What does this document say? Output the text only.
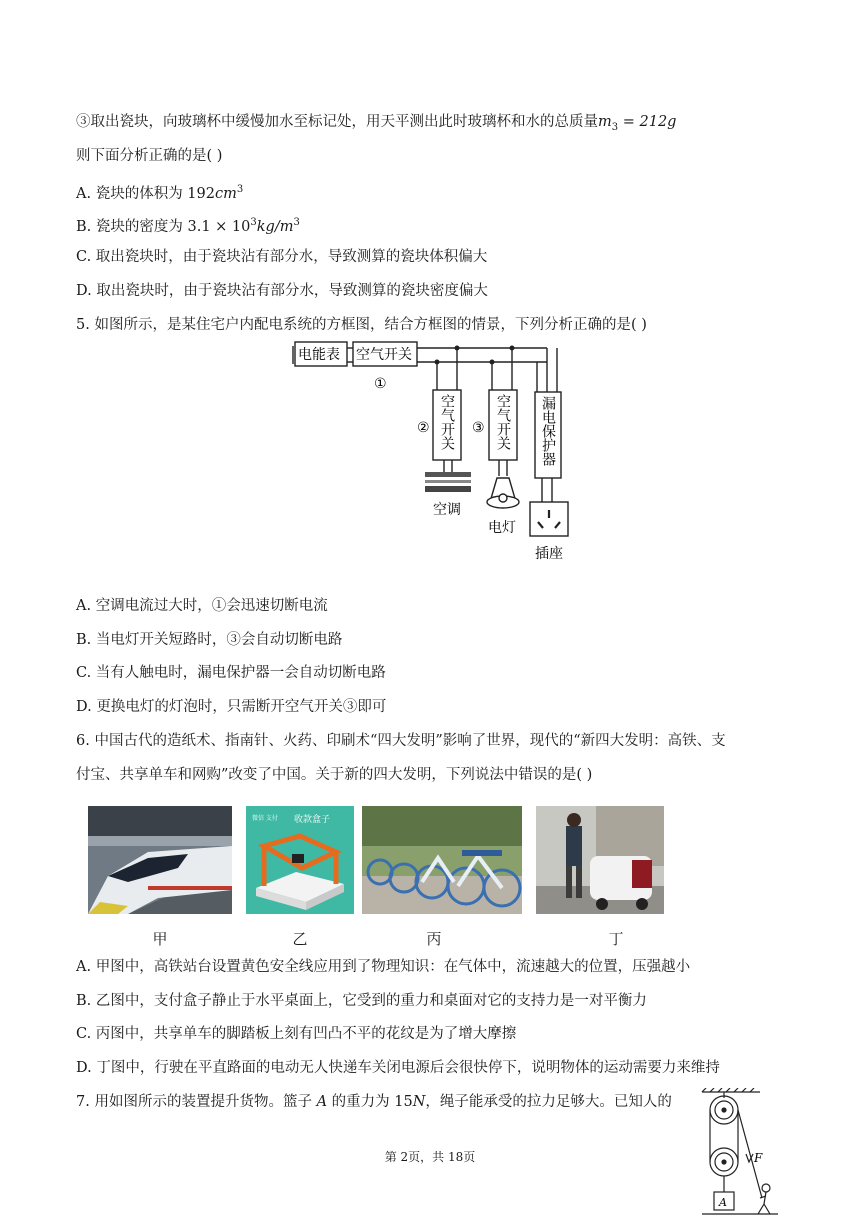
③取出瓷块，向玻璃杯中缓慢加水至标记处，用天平测出此时玻璃杯和水的总质量$m_3 = 212g$
则下面分析正确的是( )
A. 瓷块的体积为 $192cm^3$
B. 瓷块的密度为 $3.1 \times 10^3kg/m^3$
C. 取出瓷块时，由于瓷块沾有部分水，导致测算的瓷块体积偏大
D. 取出瓷块时，由于瓷块沾有部分水，导致测算的瓷块密度偏大
5. 如图所示，是某住宅户内配电系统的方框图，结合方框图的情景，下列分析正确的是( )
电能表 空气开关
①
空气开关
②	空气开关
③	漏电保护器
空调
电灯
插座
A. 空调电流过大时，①会迅速切断电流
B. 当电灯开关短路时，③会自动切断电路
C. 当有人触电时，漏电保护器一会自动切断电路
D. 更换电灯的灯泡时，只需断开空气开关③即可
6. 中国古代的造纸术、指南针、火药、印刷术“四大发明”影响了世界，现代的“新四大发明：高铁、支
付宝、共享单车和网购”改变了中国。关于新的四大发明，下列说法中错误的是( )
微信 支付 收款盒子
甲	乙	丙	丁
A. 甲图中，高铁站台设置黄色安全线应用到了物理知识：在气体中，流速越大的位置，压强越小
B. 乙图中，支付盒子静止于水平桌面上，它受到的重力和桌面对它的支持力是一对平衡力
C. 丙图中，共享单车的脚踏板上刻有凹凸不平的花纹是为了增大摩擦
D. 丁图中，行驶在平直路面的电动无人快递车关闭电源后会很快停下，说明物体的运动需要力来维持
7. 用如图所示的装置提升货物。篮子 A 的重力为 15N，绳子能承受的拉力足够大。已知人的
F
A
第 2页，共 18页
